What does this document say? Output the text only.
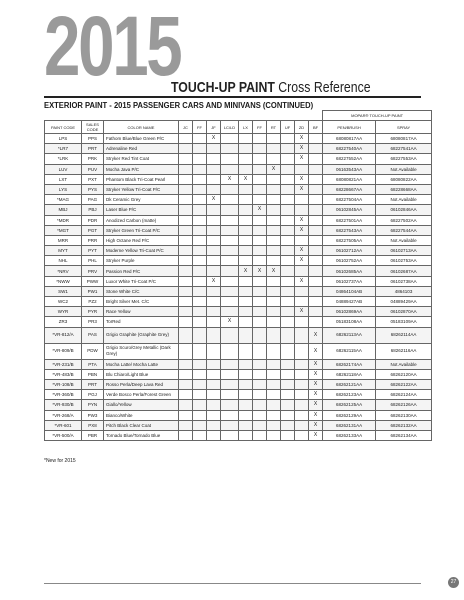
2015
TOUCH-UP PAINT Cross Reference
EXTERIOR PAINT - 2015 PASSENGER CARS AND MINIVANS (CONTINUED)
													MOPAR® TOUCH-UP PAINT	
PAINT CODE	SALES CODE	COLOR NAME	JC	FF	JF	LC/LD	LX	FF	RT	UF	ZD	BF	PEN/BRUSH	SPRAY
LPS	PPS	Fathom Blue/Blue Green P/C			X						X		68080817AA	68080817AA
*LR7	PRT	Adrenaline Red									X		68227540AA	68227541AA
*LRK	PRK	Stryker Red Tint Coat									X		68227552AA	68227553AA
LUV	PUV	Mocha Java P/C							X				06163543AA	Not Available
LXT	PXT	Phantom Black Tri-Coat Pearl				X	X				X		68080821AA	68080822AA
LYS	PYS	Stryker Yellow Tri-Coat P/C									X		68228667AA	68228668AA
*MAG	PAG	Dk Ceramic Grey			X								68227504AA	Not Available
MBJ	PBJ	Laser Blue P/C						X					06102845AA	06102846AA
*MDR	PDR	Anodized Carbon (matte)									X		68227501AA	68227502AA
*MGT	PGT	Stryker Green Tri-Coat P/C									X		68227543AA	68227544AA
MRR	PRR	High Octane Red P/C											68227505AA	Not Available
MYT	PYT	Moderne Yellow Tri-Coat P/C									X		06102712AA	06102713AA
NHL	PHL	Stryker Purple									X		06102752AA	06102753AA
*NRV	PRV	Passion Red P/C					X	X	X				06102685AA	06102687AA
*NWW	PWW	Luxor White Tri-Coat P/C			X						X		06102737AA	06102738AA
SW1	PW1	Stone White C/C											04864104AB	4864103
WC2	PZ2	Bright Silver Met. C/C											04889427AB	04889429AA
WYR	PYR	Race Yellow									X		06102869AA	06102870AA
ZR3	PR3	TorRed				X							05183108AA	05183109AA
*VR-812/A	PAS	Grigio Graphite (Graphite Grey)										X	68262113AA	68262114AA
*VR-809/B	PDW	Grigio Scuro/Grey Metallic (Dark Grey)										X	68262115AA	68262116AA
*VR-231/B	PTA	Mocha Latte/ Mocha Latte										X	68262174AA	Not Available
*VR-483/B	PBN	Blu Chiaro/Light Blue										X	68262118AA	68262120AA
*VR-108/B	PRT	Rosso Perla/Deep Lava Red										X	68262121AA	68262122AA
*VR-360/B	PGJ	Verde Bosco Perla/Forest Green										X	68262123AA	68262124AA
*VR-930/B	PYN	Giallo/Yellow										X	68262125AA	68262126AA
*VR-268/A	PW3	Bianco/White										X	68262129AA	68262130AA
*VR-601	PX8	Pitch Black Clear Coat										X	68262131AA	68262132AA
*VR-500/A	PBR	Tornado Blue/Tornado Blue										X	68262133AA	68262134AA
*New for 2015
27
